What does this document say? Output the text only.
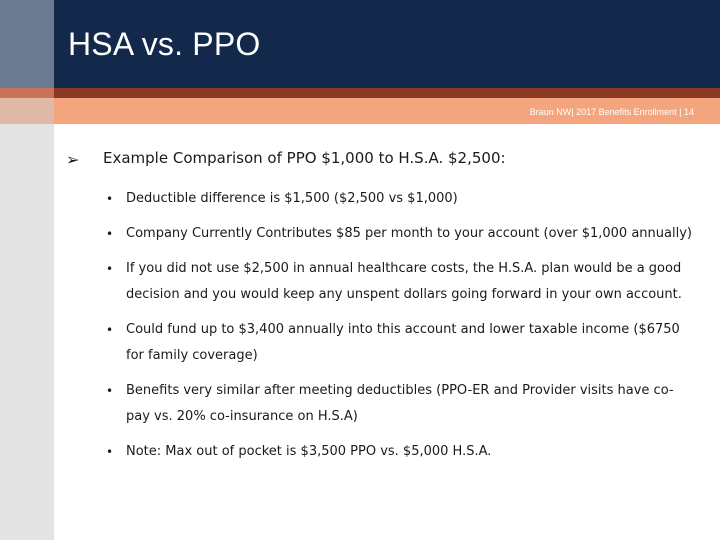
HSA vs. PPO
Braun NW| 2017 Benefits Enrollment | 14
➢ Example Comparison of PPO $1,000 to H.S.A. $2,500:
• Deductible difference is $1,500 ($2,500 vs $1,000)
• Company Currently Contributes $85 per month to your account (over $1,000 annually)
• If you did not use $2,500 in annual healthcare costs, the H.S.A. plan would be a good decision and you would keep any unspent dollars going forward in your own account.
• Could fund up to $3,400 annually into this account and lower taxable income ($6750 for family coverage)
• Benefits very similar after meeting deductibles (PPO-ER and Provider visits have co-pay vs. 20% co-insurance on H.S.A)
• Note: Max out of pocket is $3,500 PPO vs. $5,000 H.S.A.
